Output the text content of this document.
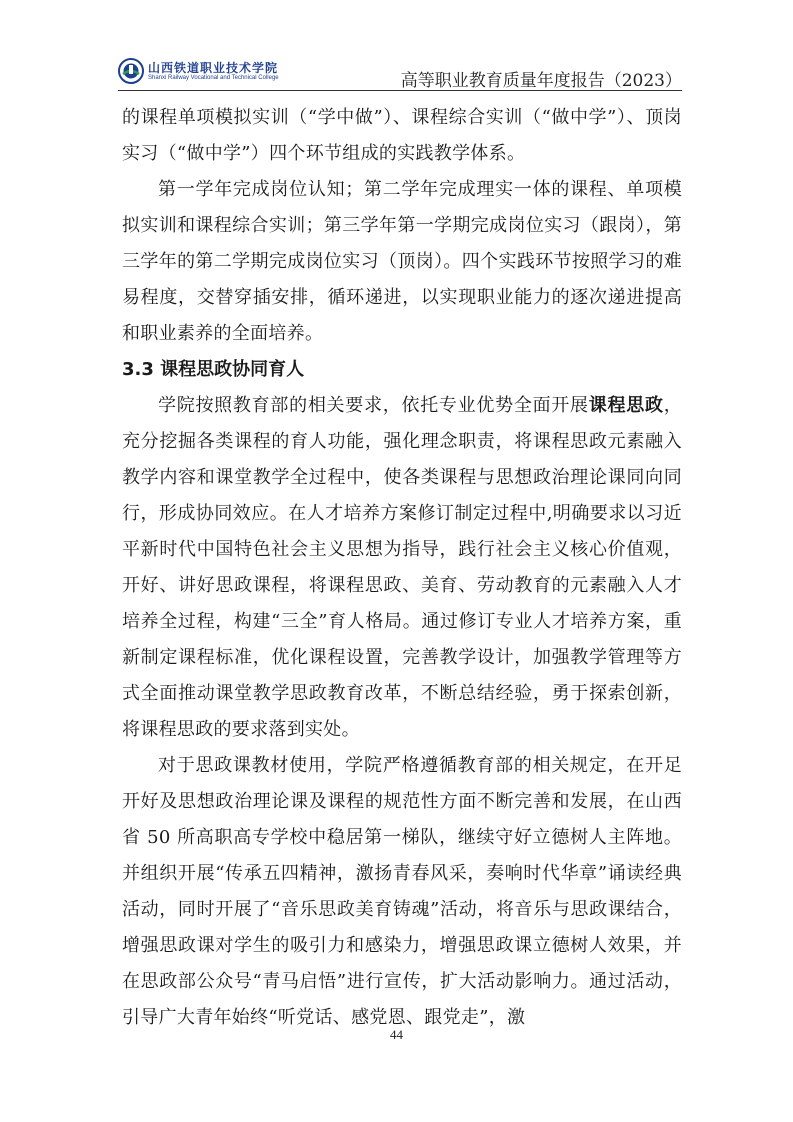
山西铁道职业技术学院
Shanxi Railway Vocational and Technical College	高等职业教育质量年度报告（2023）

的课程单项模拟实训（“学中做”）、课程综合实训（“做中学”）、顶岗实习（“做中学”）四个环节组成的实践教学体系。

第一学年完成岗位认知；第二学年完成理实一体的课程、单项模拟实训和课程综合实训；第三学年第一学期完成岗位实习（跟岗），第三学年的第二学期完成岗位实习（顶岗）。四个实践环节按照学习的难易程度，交替穿插安排，循环递进，以实现职业能力的逐次递进提高和职业素养的全面培养。

3.3 课程思政协同育人

学院按照教育部的相关要求，依托专业优势全面开展课程思政，充分挖掘各类课程的育人功能，强化理念职责，将课程思政元素融入教学内容和课堂教学全过程中，使各类课程与思想政治理论课同向同行，形成协同效应。在人才培养方案修订制定过程中,明确要求以习近平新时代中国特色社会主义思想为指导，践行社会主义核心价值观，开好、讲好思政课程，将课程思政、美育、劳动教育的元素融入人才培养全过程，构建“三全”育人格局。通过修订专业人才培养方案，重新制定课程标准，优化课程设置，完善教学设计，加强教学管理等方式全面推动课堂教学思政教育改革，不断总结经验，勇于探索创新，将课程思政的要求落到实处。

对于思政课教材使用，学院严格遵循教育部的相关规定，在开足开好及思想政治理论课及课程的规范性方面不断完善和发展，在山西省 50 所高职高专学校中稳居第一梯队，继续守好立德树人主阵地。并组织开展“传承五四精神，激扬青春风采，奏响时代华章”诵读经典活动，同时开展了“音乐思政美育铸魂”活动，将音乐与思政课结合，增强思政课对学生的吸引力和感染力，增强思政课立德树人效果，并在思政部公众号“青马启悟”进行宣传，扩大活动影响力。通过活动，引导广大青年始终“听党话、感党恩、跟党走”，激

44
